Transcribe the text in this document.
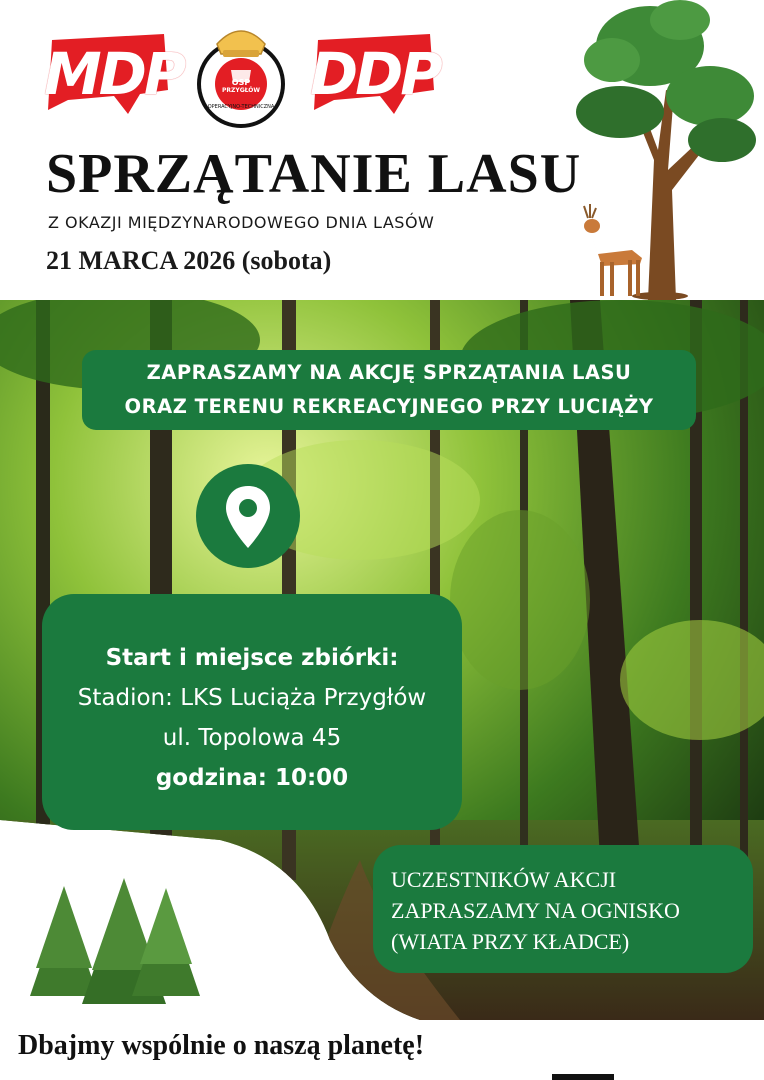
MDP	OPERACYJNO-TECHNICZNA
OSP
PRZYGŁÓW DDP
SPRZĄTANIE LASU

Z OKAZJI MIĘDZYNARODOWEGO DNIA LASÓW

21 MARCA 2026 (sobota)

ZAPRASZAMY NA AKCJĘ SPRZĄTANIA LASU
ORAZ TERENU REKREACYJNEGO PRZY LUCIĄŻY
Start i miejsce zbiórki:
Stadion: LKS Luciąża Przygłów
ul. Topolowa 45
godzina: 10:00
UCZESTNIKÓW AKCJI
ZAPRASZAMY NA OGNISKO
(WIATA PRZY KŁADCE)

Dbajmy wspólnie o naszą planetę!
